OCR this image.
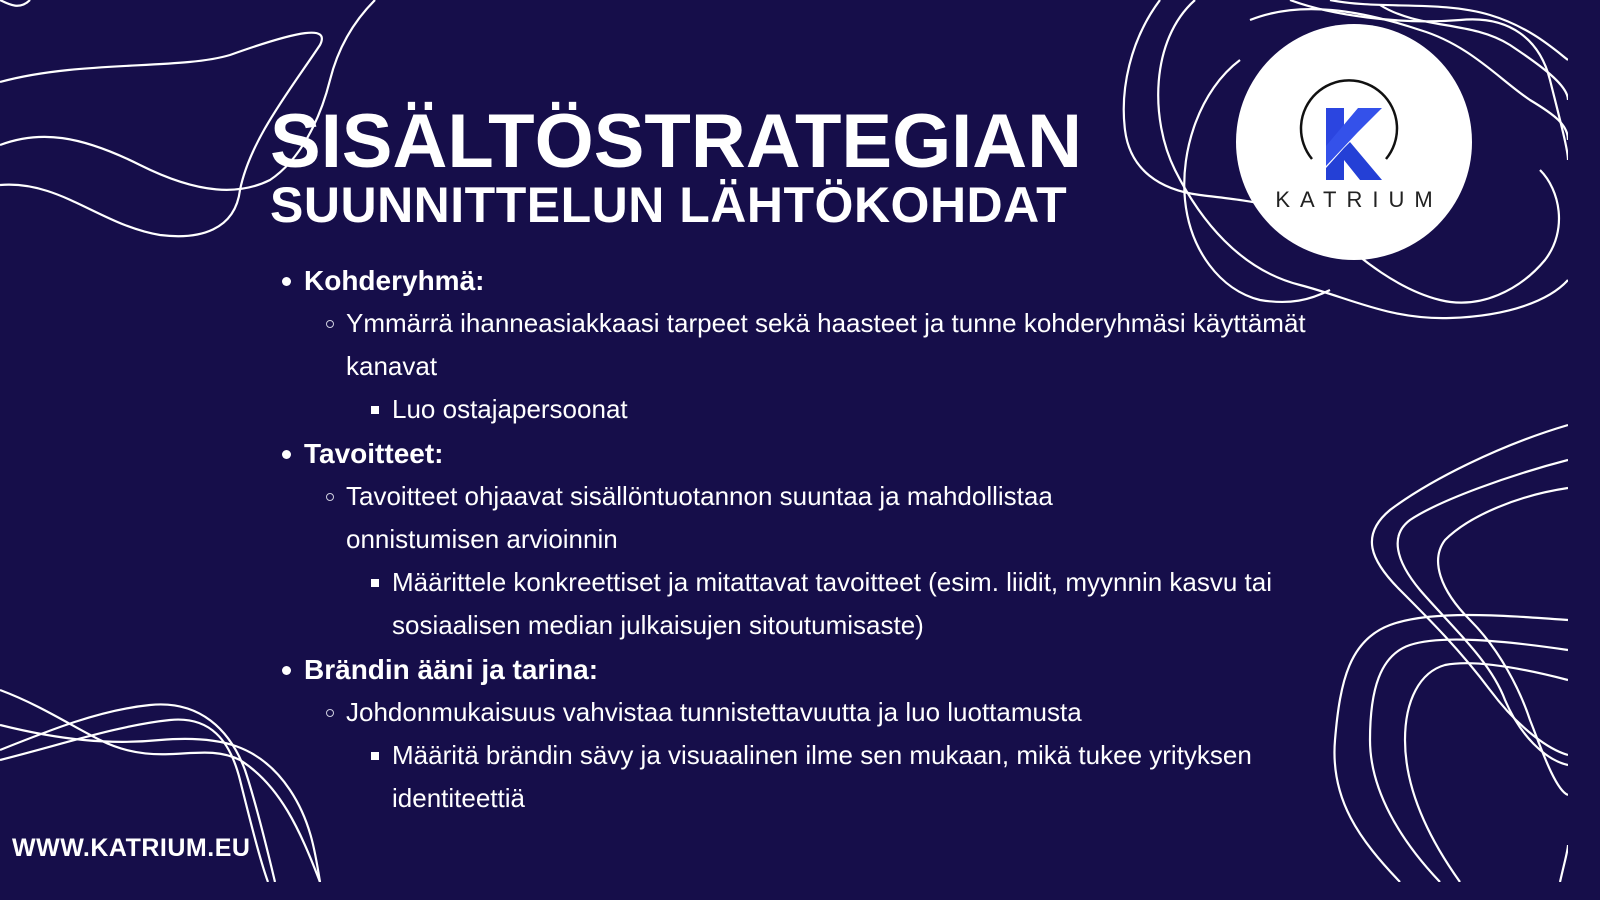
SISÄLTÖSTRATEGIAN
SUUNNITTELUN LÄHTÖKOHDAT	KATRIUM
Kohderyhmä:
Ymmärrä ihanneasiakkaasi tarpeet sekä haasteet ja tunne kohderyhmäsi käyttämät kanavat
Luo ostajapersoonat
Tavoitteet:
Tavoitteet ohjaavat sisällöntuotannon suuntaa ja mahdollistaa onnistumisen arvioinnin
Määrittele konkreettiset ja mitattavat tavoitteet (esim. liidit, myynnin kasvu tai sosiaalisen median julkaisujen sitoutumisaste)
Brändin ääni ja tarina:
Johdonmukaisuus vahvistaa tunnistettavuutta ja luo luottamusta
Määritä brändin sävy ja visuaalinen ilme sen mukaan, mikä tukee yrityksen identiteettiä
WWW.KATRIUM.EU
